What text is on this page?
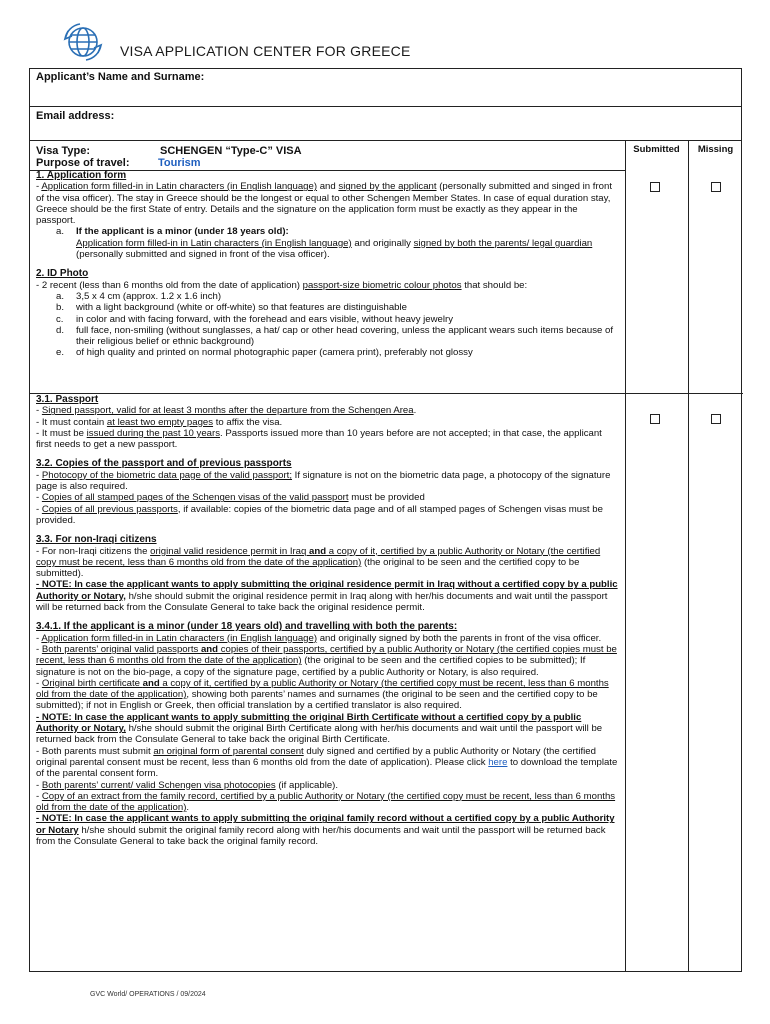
VISA APPLICATION CENTER FOR GREECE
Applicant’s Name and Surname:
Email address:
Submitted	Missing
Visa Type:	SCHENGEN “Type-C” VISA
Purpose of travel:	Tourism
1. Application form

- Application form filled-in in Latin characters (in English language) and signed by the applicant (personally submitted and singed in front of the visa officer). The stay in Greece should be the longest or equal to other Schengen Member States. In case of equal duration stay, Greece should be the first State of entry. Details and the signature on the application form must be exactly as they appear in the passport.

a. If the applicant is a minor (under 18 years old):

Application form filled-in in Latin characters (in English language) and originally signed by both the parents/ legal guardian (personally submitted and signed in front of the visa officer).

2. ID Photo

- 2 recent (less than 6 months old from the date of application) passport-size biometric colour photos that should be:

a. 3,5 x 4 cm (approx. 1.2 x 1.6 inch)

b. with a light background (white or off-white) so that features are distinguishable

c. in color and with facing forward, with the forehead and ears visible, without heavy jewelry

d. full face, non-smiling (without sunglasses, a hat/ cap or other head covering, unless the applicant wears such items because of their religious belief or ethnic background)

e. of high quality and printed on normal photographic paper (camera print), preferably not glossy

3.1. Passport

- Signed passport, valid for at least 3 months after the departure from the Schengen Area.

- It must contain at least two empty pages to affix the visa.

- It must be issued during the past 10 years. Passports issued more than 10 years before are not accepted; in that case, the applicant first needs to get a new passport.

3.2. Copies of the passport and of previous passports

- Photocopy of the biometric data page of the valid passport; If signature is not on the biometric data page, a photocopy of the signature page is also required.

- Copies of all stamped pages of the Schengen visas of the valid passport must be provided

- Copies of all previous passports, if available: copies of the biometric data page and of all stamped pages of Schengen visas must be provided.

3.3. For non-Iraqi citizens

- For non-Iraqi citizens the original valid residence permit in Iraq and a copy of it, certified by a public Authority or Notary (the certified copy must be recent, less than 6 months old from the date of the application) (the original to be seen and the certified copy to be submitted).

- NOTE: In case the applicant wants to apply submitting the original residence permit in Iraq without a certified copy by a public Authority or Notary, h/she should submit the original residence permit in Iraq along with her/his documents and wait until the passport will be returned back from the Consulate General to take back the original residence permit.

3.4.1. If the applicant is a minor (under 18 years old) and travelling with both the parents:

- Application form filled-in in Latin characters (in English language) and originally signed by both the parents in front of the visa officer.

- Both parents’ original valid passports and copies of their passports, certified by a public Authority or Notary (the certified copies must be recent, less than 6 months old from the date of the application) (the original to be seen and the certified copies to be submitted); If signature is not on the bio-page, a copy of the signature page, certified by a public Authority or Notary, is also required.

- Original birth certificate and a copy of it, certified by a public Authority or Notary (the certified copy must be recent, less than 6 months old from the date of the application), showing both parents’ names and surnames (the original to be seen and the certified copy to be submitted); if not in English or Greek, then official translation by a certified translator is also required.

- NOTE: In case the applicant wants to apply submitting the original Birth Certificate without a certified copy by a public Authority or Notary, h/she should submit the original Birth Certificate along with her/his documents and wait until the passport will be returned back from the Consulate General to take back the original Birth Certificate.

- Both parents must submit an original form of parental consent duly signed and certified by a public Authority or Notary (the certified original parental consent must be recent, less than 6 months old from the date of application). Please click here to download the template of the parental consent form.

- Both parents’ current/ valid Schengen visa photocopies (if applicable).

- Copy of an extract from the family record, certified by a public Authority or Notary (the certified copy must be recent, less than 6 months old from the date of the application).

- NOTE: In case the applicant wants to apply submitting the original family record without a certified copy by a public Authority or Notary h/she should submit the original family record along with her/his documents and wait until the passport will be returned back from the Consulate General to take back the original family record.

GVC World/ OPERATIONS / 09/2024
